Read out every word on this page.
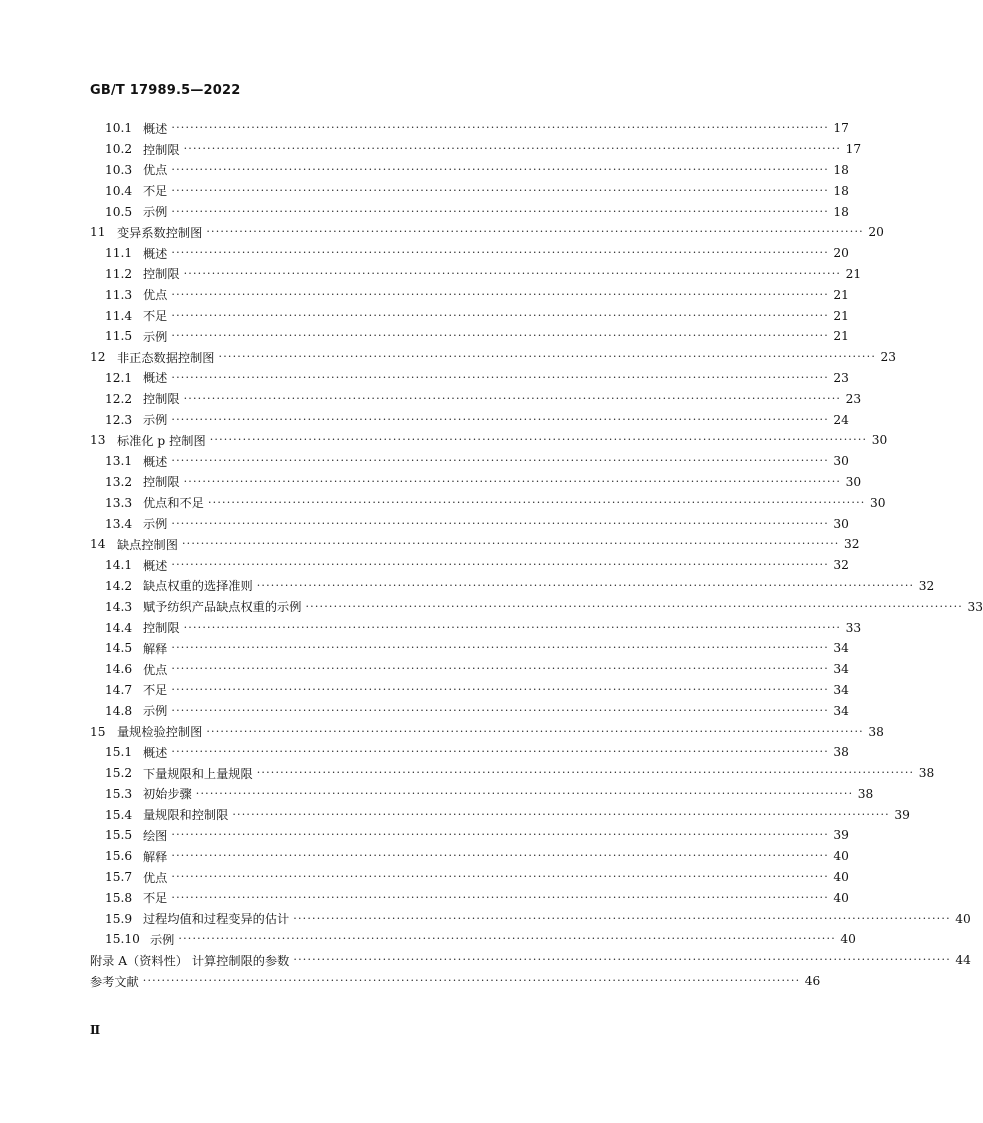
GB/T 17989.5—2022
10.1 概述 ············································································································································ 17
10.2 控制限 ············································································································································ 17
10.3 优点 ············································································································································ 18
10.4 不足 ············································································································································ 18
10.5 示例 ············································································································································ 18
11 变异系数控制图 ············································································································································ 20
11.1 概述 ············································································································································ 20
11.2 控制限 ············································································································································ 21
11.3 优点 ············································································································································ 21
11.4 不足 ············································································································································ 21
11.5 示例 ············································································································································ 21
12 非正态数据控制图 ············································································································································ 23
12.1 概述 ············································································································································ 23
12.2 控制限 ············································································································································ 23
12.3 示例 ············································································································································ 24
13 标准化 p 控制图 ············································································································································ 30
13.1 概述 ············································································································································ 30
13.2 控制限 ············································································································································ 30
13.3 优点和不足 ············································································································································ 30
13.4 示例 ············································································································································ 30
14 缺点控制图 ············································································································································ 32
14.1 概述 ············································································································································ 32
14.2 缺点权重的选择准则 ············································································································································ 32
14.3 赋予纺织产品缺点权重的示例 ············································································································································ 33
14.4 控制限 ············································································································································ 33
14.5 解释 ············································································································································ 34
14.6 优点 ············································································································································ 34
14.7 不足 ············································································································································ 34
14.8 示例 ············································································································································ 34
15 量规检验控制图 ············································································································································ 38
15.1 概述 ············································································································································ 38
15.2 下量规限和上量规限 ············································································································································ 38
15.3 初始步骤 ············································································································································ 38
15.4 量规限和控制限 ············································································································································ 39
15.5 绘图 ············································································································································ 39
15.6 解释 ············································································································································ 40
15.7 优点 ············································································································································ 40
15.8 不足 ············································································································································ 40
15.9 过程均值和过程变异的估计 ············································································································································ 40
15.10 示例 ············································································································································ 40
附录 A（资料性） 计算控制限的参数 ············································································································································ 44
参考文献 ············································································································································ 46
Ⅱ
